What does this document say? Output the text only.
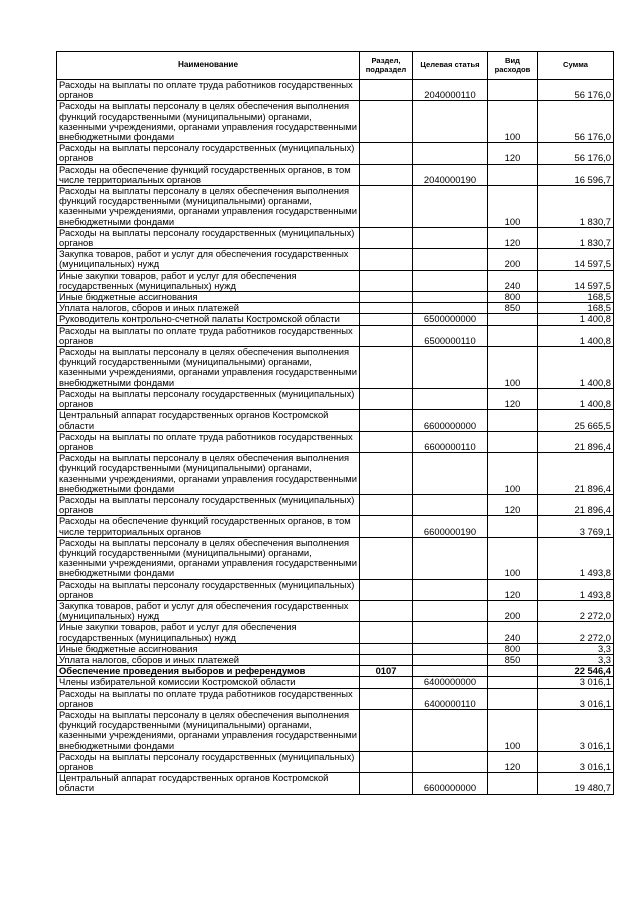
Наименование	Раздел, подраздел	Целевая статья	Вид расходов	Сумма
Расходы на выплаты по оплате труда работников государственных органов		2040000110		56 176,0
Расходы на выплаты персоналу в целях обеспечения выполнения функций государственными (муниципальными) органами, казенными учреждениями, органами управления государственными внебюджетными фондами			100	56 176,0
Расходы на выплаты персоналу государственных (муниципальных) органов			120	56 176,0
Расходы на обеспечение функций государственных органов, в том числе территориальных органов		2040000190		16 596,7
Расходы на выплаты персоналу в целях обеспечения выполнения функций государственными (муниципальными) органами, казенными учреждениями, органами управления государственными внебюджетными фондами			100	1 830,7
Расходы на выплаты персоналу государственных (муниципальных) органов			120	1 830,7
Закупка товаров, работ и услуг для обеспечения государственных (муниципальных) нужд			200	14 597,5
Иные закупки товаров, работ и услуг для обеспечения государственных (муниципальных) нужд			240	14 597,5
Иные бюджетные ассигнования			800	168,5
Уплата налогов, сборов и иных платежей			850	168,5
Руководитель контрольно-счетной палаты Костромской области		6500000000		1 400,8
Расходы на выплаты по оплате труда работников государственных органов		6500000110		1 400,8
Расходы на выплаты персоналу в целях обеспечения выполнения функций государственными (муниципальными) органами, казенными учреждениями, органами управления государственными внебюджетными фондами			100	1 400,8
Расходы на выплаты персоналу государственных (муниципальных) органов			120	1 400,8
Центральный аппарат государственных органов Костромской области		6600000000		25 665,5
Расходы на выплаты по оплате труда работников государственных органов		6600000110		21 896,4
Расходы на выплаты персоналу в целях обеспечения выполнения функций государственными (муниципальными) органами, казенными учреждениями, органами управления государственными внебюджетными фондами			100	21 896,4
Расходы на выплаты персоналу государственных (муниципальных) органов			120	21 896,4
Расходы на обеспечение функций государственных органов, в том числе территориальных органов		6600000190		3 769,1
Расходы на выплаты персоналу в целях обеспечения выполнения функций государственными (муниципальными) органами, казенными учреждениями, органами управления государственными внебюджетными фондами			100	1 493,8
Расходы на выплаты персоналу государственных (муниципальных) органов			120	1 493,8
Закупка товаров, работ и услуг для обеспечения государственных (муниципальных) нужд			200	2 272,0
Иные закупки товаров, работ и услуг для обеспечения государственных (муниципальных) нужд			240	2 272,0
Иные бюджетные ассигнования			800	3,3
Уплата налогов, сборов и иных платежей			850	3,3
Обеспечение проведения выборов и референдумов	0107			22 546,4
Члены избирательной комиссии Костромской области		6400000000		3 016,1
Расходы на выплаты по оплате труда работников государственных органов		6400000110		3 016,1
Расходы на выплаты персоналу в целях обеспечения выполнения функций государственными (муниципальными) органами, казенными учреждениями, органами управления государственными внебюджетными фондами			100	3 016,1
Расходы на выплаты персоналу государственных (муниципальных) органов			120	3 016,1
Центральный аппарат государственных органов Костромской области		6600000000		19 480,7
